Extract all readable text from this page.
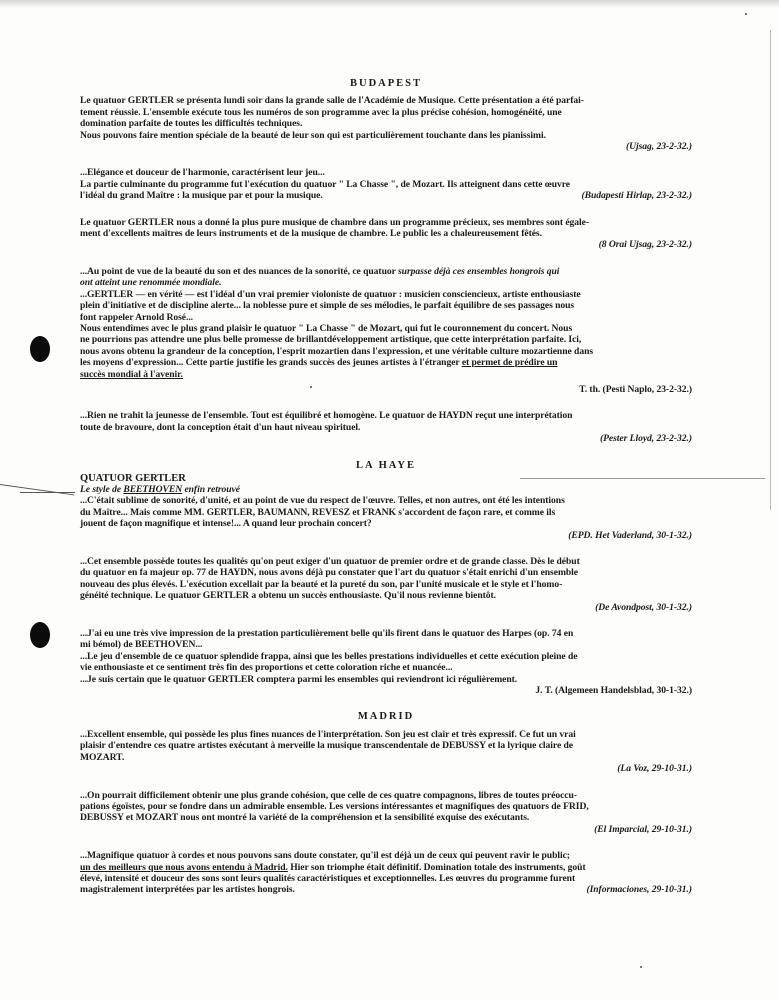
BUDAPEST
Le quatuor GERTLER se présenta lundi soir dans la grande salle de l'Académie de Musique. Cette présentation a été parfai-
tement réussie. L'ensemble exécute tous les numéros de son programme avec la plus précise cohésion, homogénéité, une
domination parfaite de toutes les difficultés techniques.
Nous pouvons faire mention spéciale de la beauté de leur son qui est particulièrement touchante dans les pianissimi.
(Ujsag, 23-2-32.)
...Elégance et douceur de l'harmonie, caractérisent leur jeu...
La partie culminante du programme fut l'exécution du quatuor " La Chasse ", de Mozart. Ils atteignent dans cette œuvre
l'idéal du grand Maître : la musique par et pour la musique.	(Budapesti Hirlap, 23-2-32.)
Le quatuor GERTLER nous a donné la plus pure musique de chambre dans un programme précieux, ses membres sont égale-
ment d'excellents maîtres de leurs instruments et de la musique de chambre. Le public les a chaleureusement fêtés.
(8 Orai Ujsag, 23-2-32.)
...Au point de vue de la beauté du son et des nuances de la sonorité, ce quatuor surpasse déjà ces ensembles hongrois qui
ont atteint une renommée mondiale.
...GERTLER — en vérité — est l'idéal d'un vrai premier violoniste de quatuor : musicien consciencieux, artiste enthousiaste
plein d'initiative et de discipline alerte... la noblesse pure et simple de ses mélodies, le parfait équilibre de ses passages nous
font rappeler Arnold Rosé...
Nous entendîmes avec le plus grand plaisir le quatuor " La Chasse " de Mozart, qui fut le couronnement du concert. Nous
ne pourrions pas attendre une plus belle promesse de brillantdéveloppement artistique, que cette interprétation parfaite. Ici,
nous avons obtenu la grandeur de la conception, l'esprit mozartien dans l'expression, et une véritable culture mozartienne dans
les moyens d'expression... Cette partie justifie les grands succès des jeunes artistes à l'étranger et permet de prédire un
succès mondial à l'avenir.
T. th. (Pesti Naplo, 23-2-32.)
...Rien ne trahit la jeunesse de l'ensemble. Tout est équilibré et homogène. Le quatuor de HAYDN reçut une interprétation
toute de bravoure, dont la conception était d'un haut niveau spirituel.
(Pester Lloyd, 23-2-32.)
LA HAYE
QUATUOR GERTLER
Le style de BEETHOVEN enfin retrouvé
...C'était sublime de sonorité, d'unité, et au point de vue du respect de l'œuvre. Telles, et non autres, ont été les intentions
du Maître... Mais comme MM. GERTLER, BAUMANN, REVESZ et FRANK s'accordent de façon rare, et comme ils
jouent de façon magnifique et intense!... A quand leur prochain concert?
(EPD. Het Vaderland, 30-1-32.)
...Cet ensemble possède toutes les qualités qu'on peut exiger d'un quatuor de premier ordre et de grande classe. Dès le début
du quatuor en fa majeur op. 77 de HAYDN, nous avons déjà pu constater que l'art du quatuor s'était enrichi d'un ensemble
nouveau des plus élevés. L'exécution excellait par la beauté et la pureté du son, par l'unité musicale et le style et l'homo-
généité technique. Le quatuor GERTLER a obtenu un succès enthousiaste. Qu'il nous revienne bientôt.
(De Avondpost, 30-1-32.)
...J'ai eu une très vive impression de la prestation particulièrement belle qu'ils firent dans le quatuor des Harpes (op. 74 en
mi bémol) de BEETHOVEN...
...Le jeu d'ensemble de ce quatuor splendide frappa, ainsi que les belles prestations individuelles et cette exécution pleine de
vie enthousiaste et ce sentiment très fin des proportions et cette coloration riche et nuancée...
...Je suis certain que le quatuor GERTLER comptera parmi les ensembles qui reviendront ici régulièrement.
J. T. (Algemeen Handelsblad, 30-1-32.)
MADRID
...Excellent ensemble, qui possède les plus fines nuances de l'interprétation. Son jeu est clair et très expressif. Ce fut un vrai
plaisir d'entendre ces quatre artistes exécutant à merveille la musique transcendentale de DEBUSSY et la lyrique claire de
MOZART.
(La Voz, 29-10-31.)
...On pourrait difficilement obtenir une plus grande cohésion, que celle de ces quatre compagnons, libres de toutes préoccu-
pations égoïstes, pour se fondre dans un admirable ensemble. Les versions intéressantes et magnifiques des quatuors de FRID,
DEBUSSY et MOZART nous ont montré la variété de la compréhension et la sensibilité exquise des exécutants.
(El Imparcial, 29-10-31.)
...Magnifique quatuor à cordes et nous pouvons sans doute constater, qu'il est déjà un de ceux qui peuvent ravir le public;
un des meilleurs que nous avons entendu à Madrid. Hier son triomphe était définitif. Domination totale des instruments, goût
élevé, intensité et douceur des sons sont leurs qualités caractéristiques et exceptionnelles. Les œuvres du programme furent
magistralement interprétées par les artistes hongrois.	(Informaciones, 29-10-31.)
